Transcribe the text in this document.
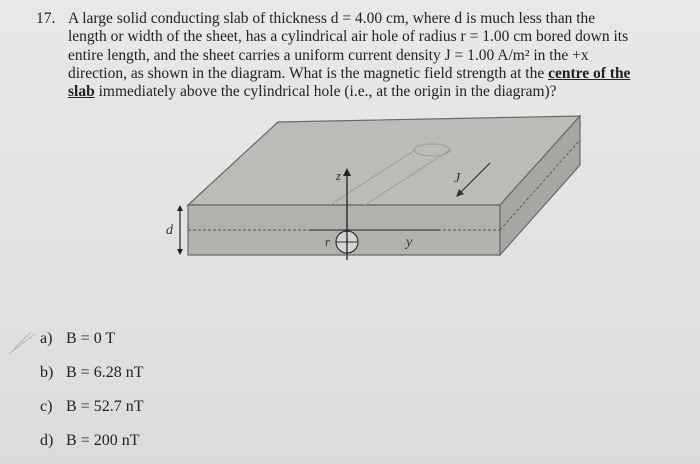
17. A large solid conducting slab of thickness d = 4.00 cm, where d is much less than the
length or width of the sheet, has a cylindrical air hole of radius r = 1.00 cm bored down its
entire length, and the sheet carries a uniform current density J = 1.00 A/m² in the +x
direction, as shown in the diagram. What is the magnetic field strength at the centre of the
slab immediately above the cylindrical hole (i.e., at the origin in the diagram)?
z	J
d
r	y
a) B = 0 T
b) B = 6.28 nT
c) B = 52.7 nT
d) B = 200 nT
